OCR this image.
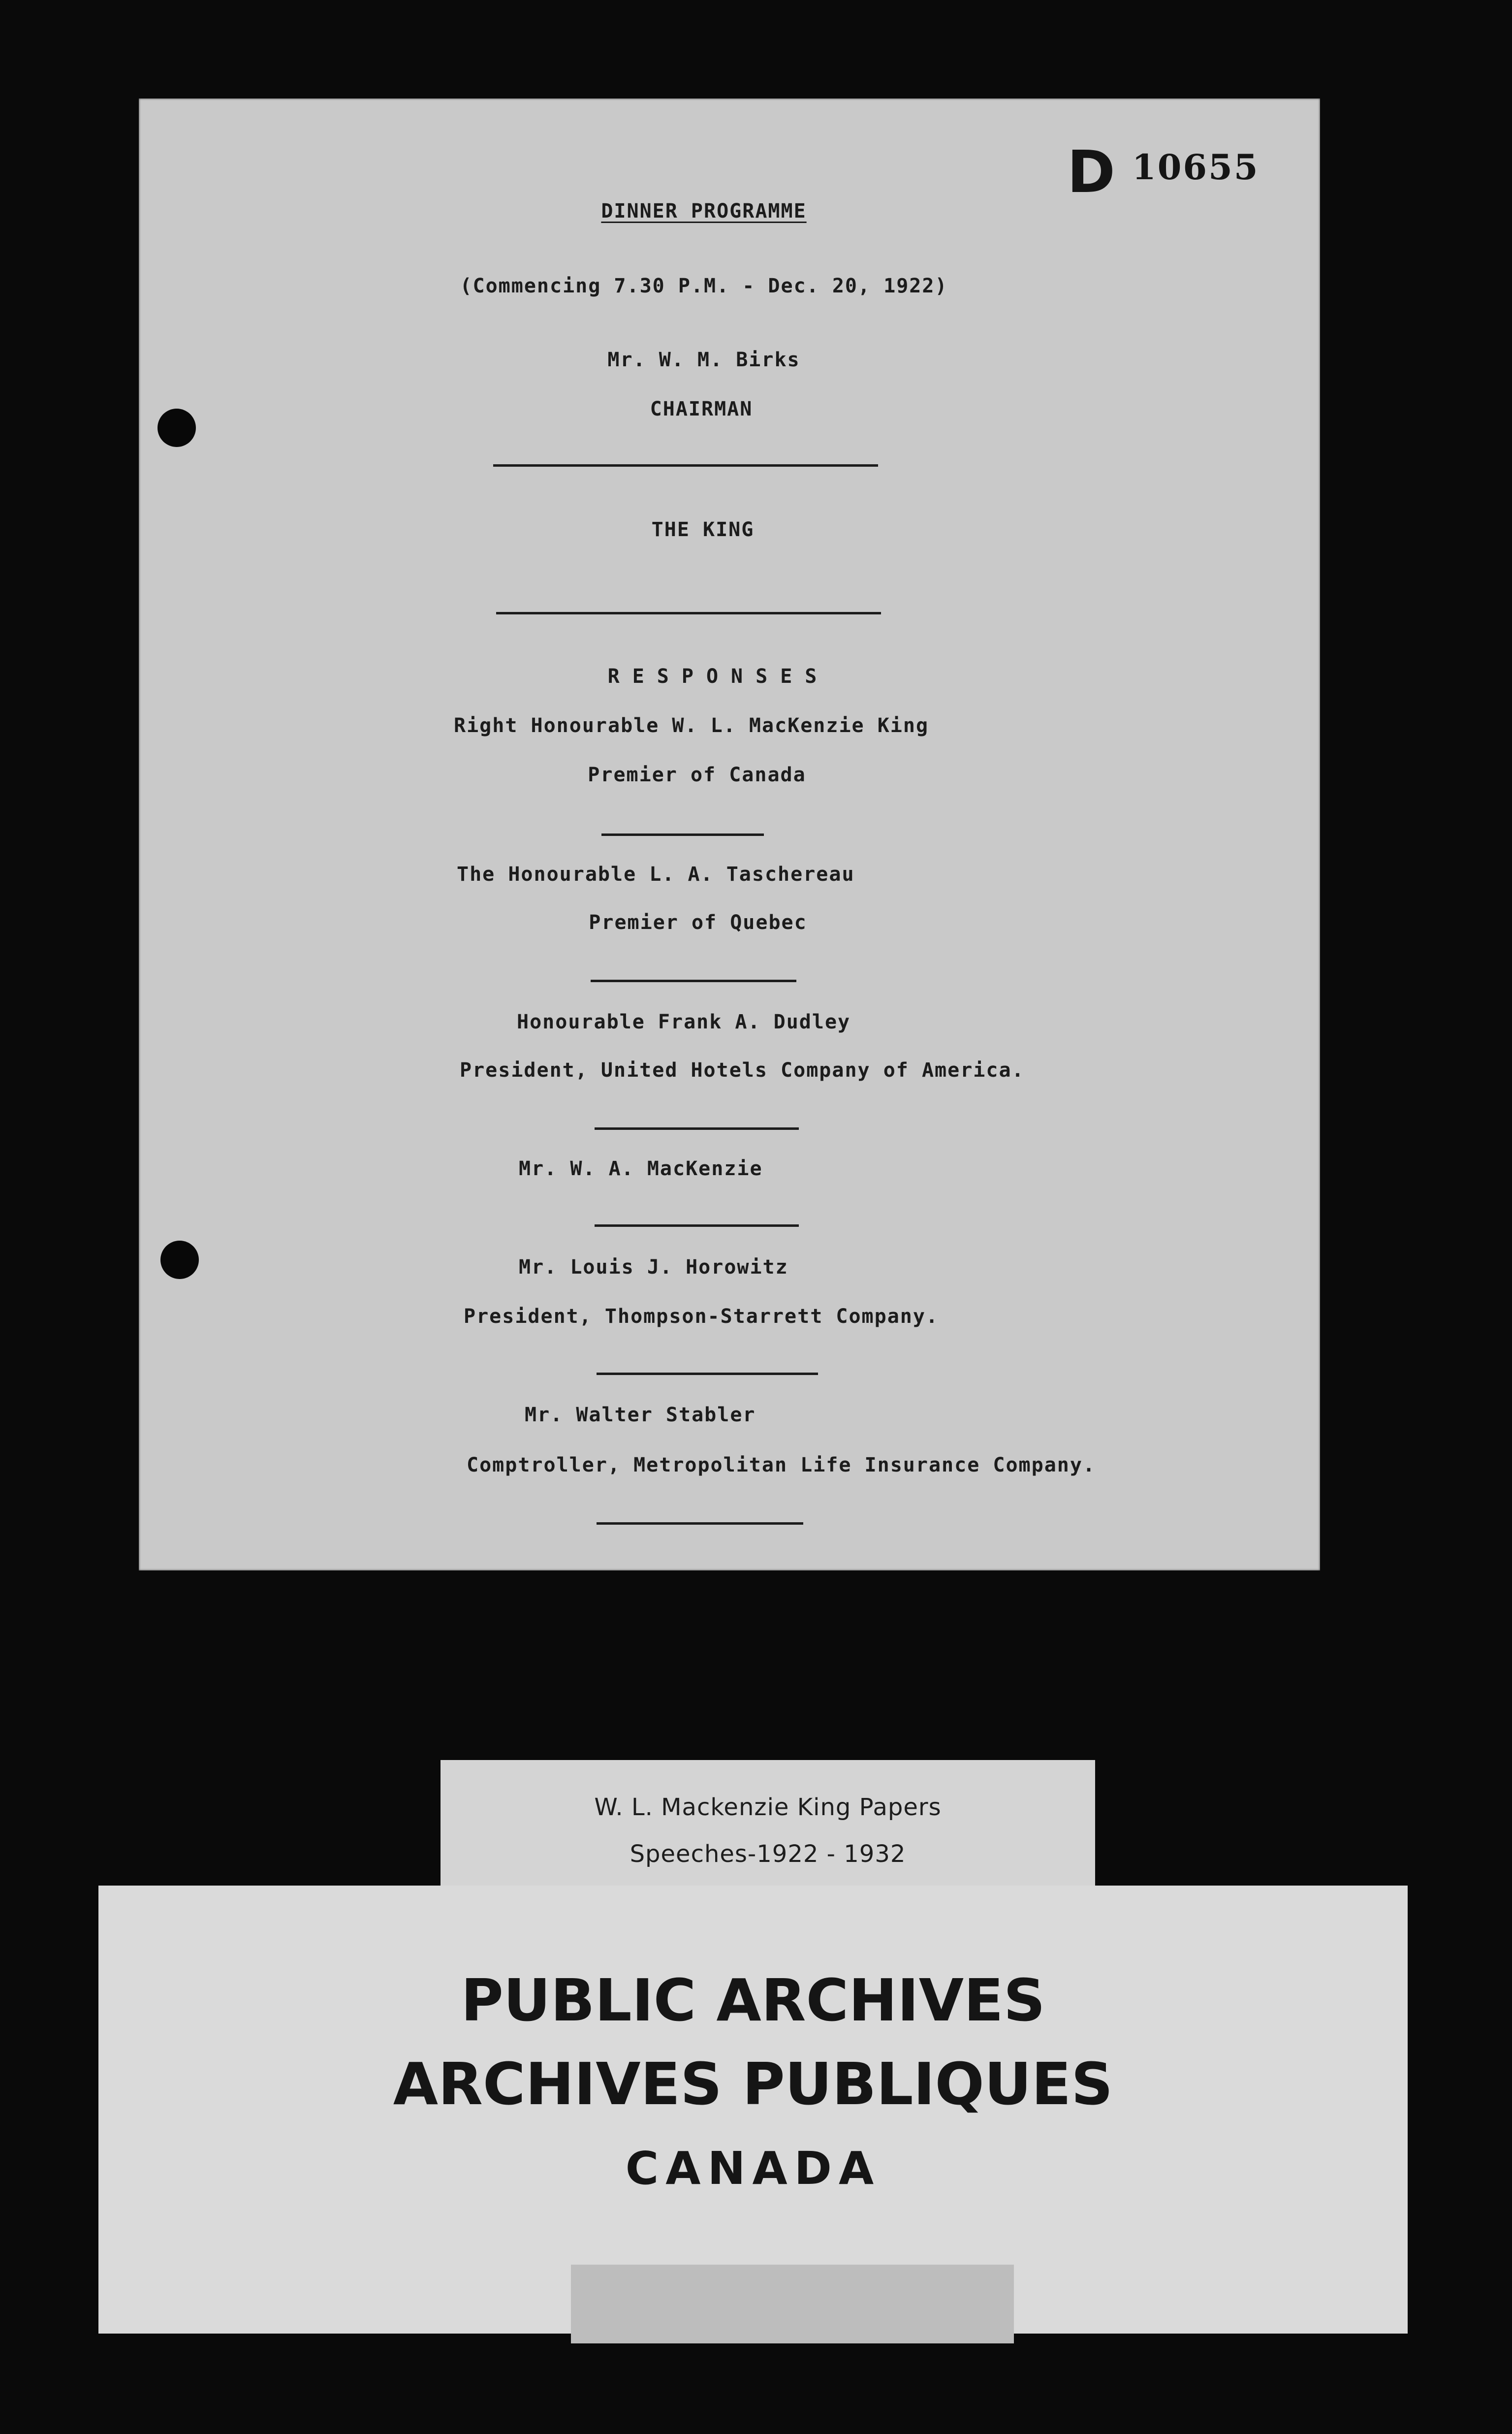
D 10655
DINNER PROGRAMME
(Commencing 7.30 P.M. - Dec. 20, 1922)
Mr. W. M. Birks
CHAIRMAN
THE KING
RESPONSES
Right Honourable W. L. MacKenzie King
Premier of Canada
The Honourable L. A. Taschereau
Premier of Quebec
Honourable Frank A. Dudley
President, United Hotels Company of America.
Mr. W. A. MacKenzie
Mr. Louis J. Horowitz
President, Thompson-Starrett Company.
Mr. Walter Stabler
Comptroller, Metropolitan Life Insurance Company.
W. L. Mackenzie King Papers
Speeches-1922 - 1932
PUBLIC ARCHIVES
ARCHIVES PUBLIQUES
CANADA
